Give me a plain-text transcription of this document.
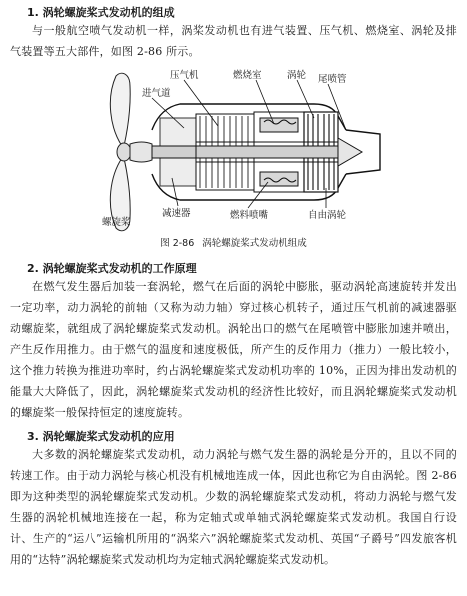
1. 涡轮螺旋桨式发动机的组成

与一般航空喷气发动机一样，涡桨发动机也有进气装置、压气机、燃烧室、涡轮及排气装置等五大部件，如图 2-86 所示。

压气机	燃烧室	涡轮 尾喷管
进气道
螺旋桨
减速器	燃料喷嘴	自由涡轮
图 2-86 涡轮螺旋桨式发动机组成
2. 涡轮螺旋桨式发动机的工作原理

在燃气发生器后加装一套涡轮，燃气在后面的涡轮中膨胀，驱动涡轮高速旋转并发出一定功率，动力涡轮的前轴（又称为动力轴）穿过核心机转子，通过压气机前的减速器驱动螺旋桨，就组成了涡轮螺旋桨式发动机。涡轮出口的燃气在尾喷管中膨胀加速并喷出，产生反作用推力。由于燃气的温度和速度极低，所产生的反作用力（推力）一般比较小，这个推力转换为推进功率时，约占涡轮螺旋桨式发动机功率的 10%，正因为排出发动机的能量大大降低了，因此，涡轮螺旋桨式发动机的经济性比较好，而且涡轮螺旋桨式发动机的螺旋桨一般保持恒定的速度旋转。

3. 涡轮螺旋桨式发动机的应用

大多数的涡轮螺旋桨式发动机，动力涡轮与燃气发生器的涡轮是分开的，且以不同的转速工作。由于动力涡轮与核心机没有机械地连成一体，因此也称它为自由涡轮。图 2-86 即为这种类型的涡轮螺旋桨式发动机。少数的涡轮螺旋桨式发动机，将动力涡轮与燃气发生器的涡轮机械地连接在一起，称为定轴式或单轴式涡轮螺旋桨式发动机。我国自行设计、生产的“运八”运输机所用的“涡桨六”涡轮螺旋桨式发动机、英国“子爵号”四发旅客机用的“达特”涡轮螺旋桨式发动机均为定轴式涡轮螺旋桨式发动机。
